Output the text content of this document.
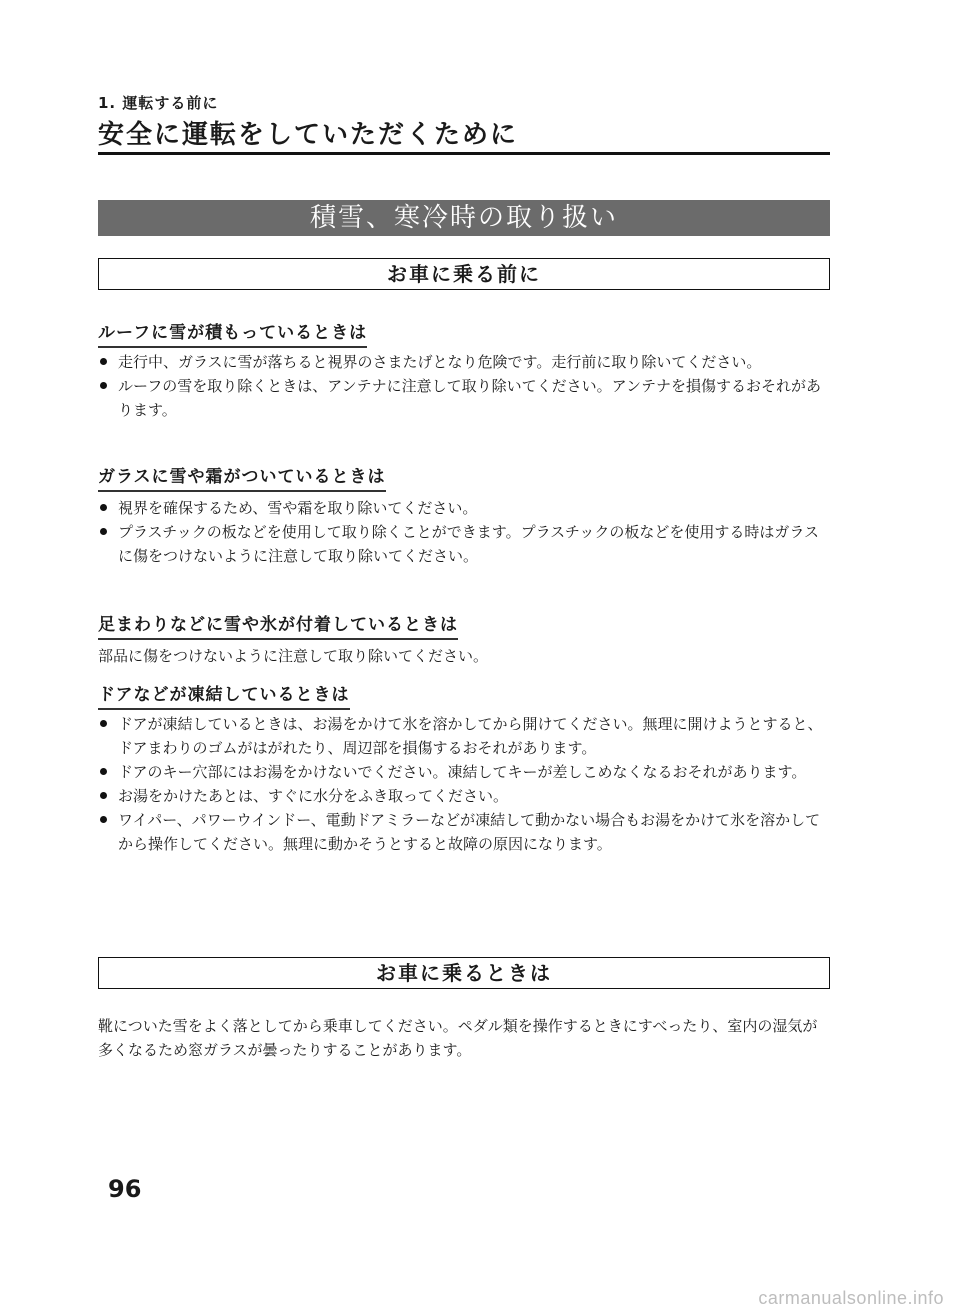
1. 運転する前に
安全に運転をしていただくために
積雪、寒冷時の取り扱い
お車に乗る前に
ルーフに雪が積もっているときは
走行中、ガラスに雪が落ちると視界のさまたげとなり危険です。走行前に取り除いてください。
ルーフの雪を取り除くときは、アンテナに注意して取り除いてください。アンテナを損傷するおそれがあります。
ガラスに雪や霜がついているときは
視界を確保するため、雪や霜を取り除いてください。
プラスチックの板などを使用して取り除くことができます。プラスチックの板などを使用する時はガラスに傷をつけないように注意して取り除いてください。
足まわりなどに雪や氷が付着しているときは
部品に傷をつけないように注意して取り除いてください。
ドアなどが凍結しているときは
ドアが凍結しているときは、お湯をかけて氷を溶かしてから開けてください。無理に開けようとすると、ドアまわりのゴムがはがれたり、周辺部を損傷するおそれがあります。
ドアのキー穴部にはお湯をかけないでください。凍結してキーが差しこめなくなるおそれがあります。
お湯をかけたあとは、すぐに水分をふき取ってください。
ワイパー、パワーウインドー、電動ドアミラーなどが凍結して動かない場合もお湯をかけて氷を溶かしてから操作してください。無理に動かそうとすると故障の原因になります。
お車に乗るときは
靴についた雪をよく落としてから乗車してください。ペダル類を操作するときにすべったり、室内の湿気が多くなるため窓ガラスが曇ったりすることがあります。
96
carmanualsonline.info
